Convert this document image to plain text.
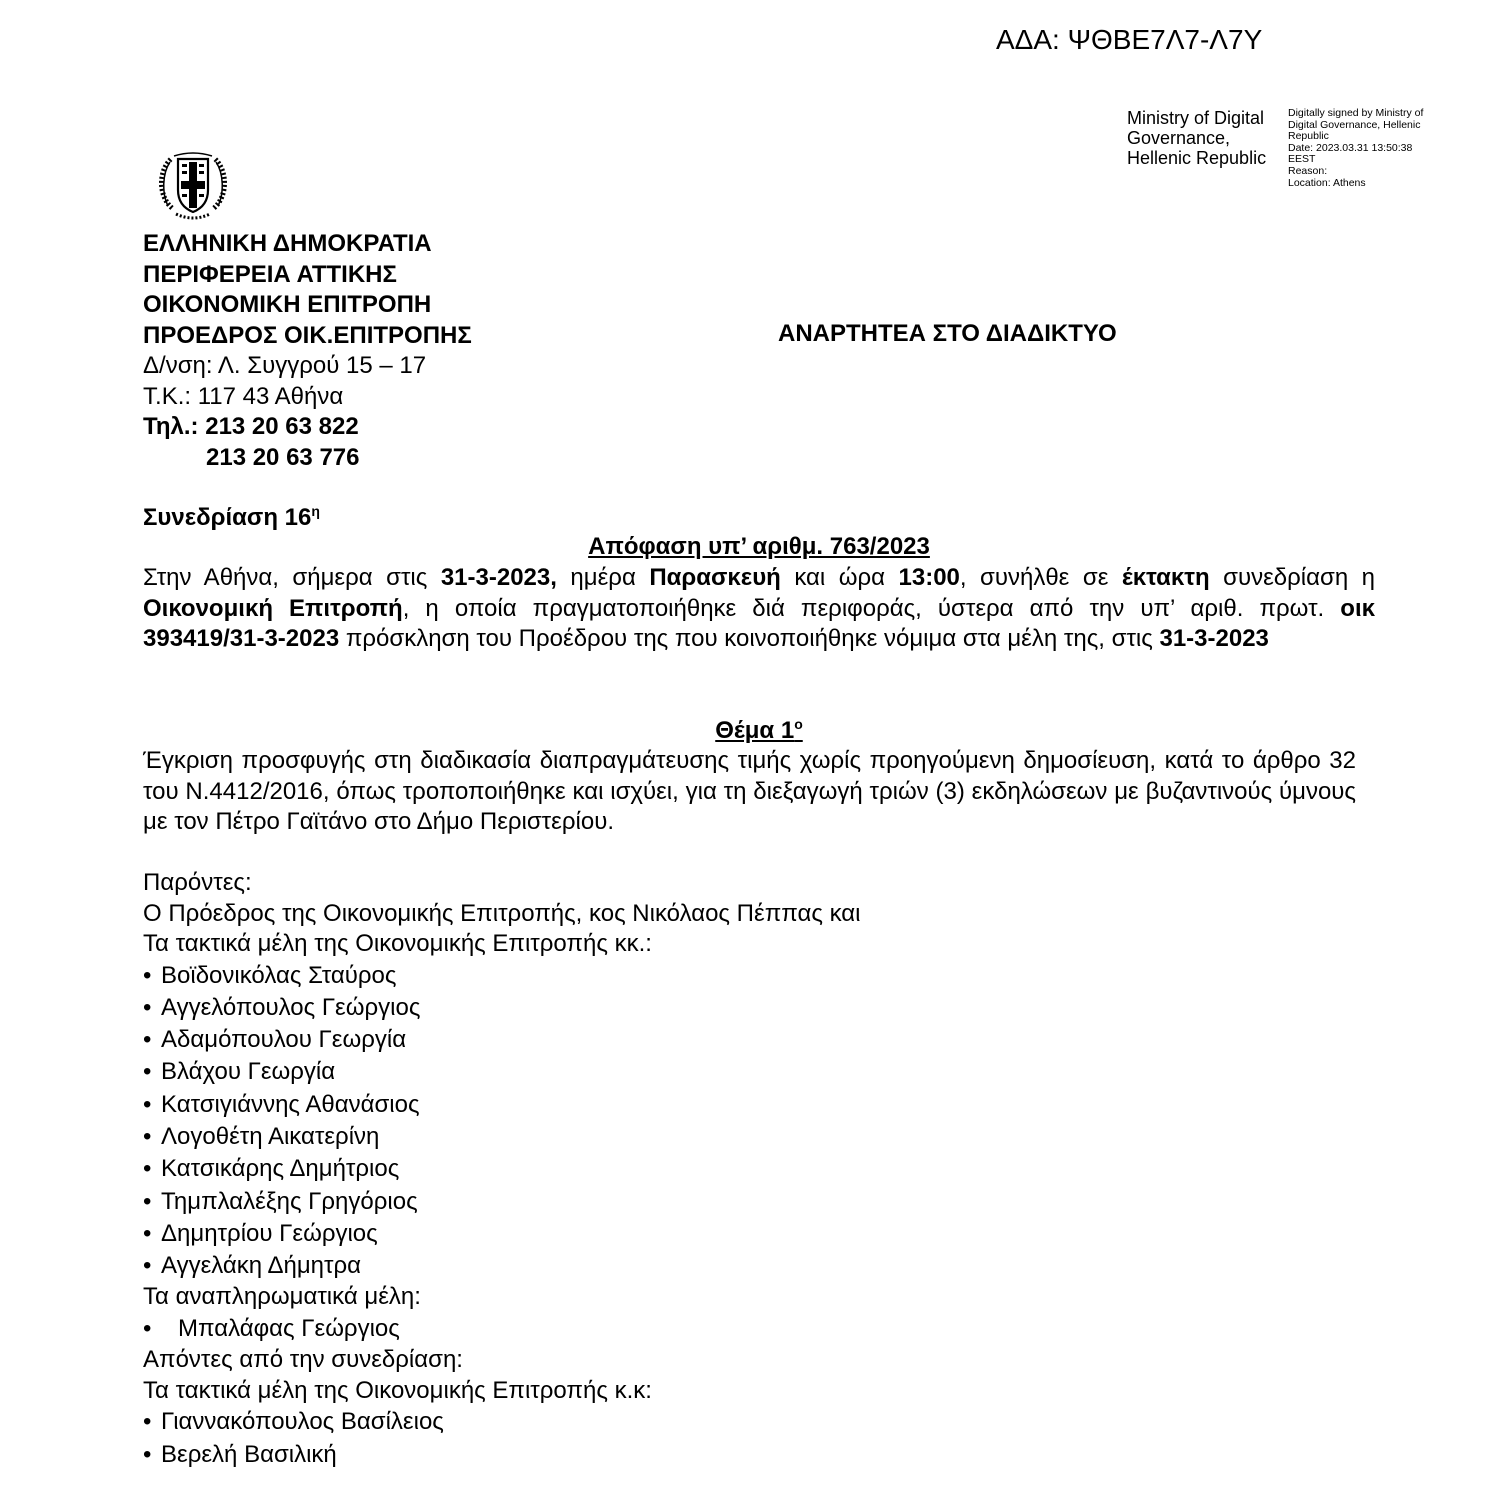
ΑΔΑ: ΨΘΒΕ7Λ7-Λ7Υ
Ministry of Digital
Governance,
Hellenic Republic
Digitally signed by Ministry of
Digital Governance, Hellenic
Republic
Date: 2023.03.31 13:50:38
EEST
Reason:
Location: Athens
ΕΛΛΗΝΙΚΗ ΔΗΜΟΚΡΑΤΙΑ
ΠΕΡΙΦΕΡΕΙΑ ΑΤΤΙΚΗΣ
ΟΙΚΟΝΟΜΙΚΗ ΕΠΙΤΡΟΠΗ
ΠΡΟΕΔΡΟΣ ΟΙΚ.ΕΠΙΤΡΟΠΗΣ
Δ/νση: Λ. Συγγρού 15 – 17
Τ.Κ.: 117 43 Αθήνα
Τηλ.: 213 20 63 822
213 20 63 776
ΑΝΑΡΤΗΤΕΑ ΣΤΟ ΔΙΑΔΙΚΤΥΟ
Συνεδρίαση $16^\eta$
Απόφαση υπ’ αριθμ. 763/2023
Στην Αθήνα, σήμερα στις 31-3-2023, ημέρα Παρασκευή και ώρα 13:00, συνήλθε σε έκτακτη συνεδρίαση η Οικονομική Επιτροπή, η οποία πραγματοποιήθηκε διά περιφοράς, ύστερα από την υπ’ αριθ. πρωτ. οικ 393419/31-3-2023 πρόσκληση του Προέδρου της που κοινοποιήθηκε νόμιμα στα μέλη της, στις 31-3-2023
Θέμα $1^o$
Έγκριση προσφυγής στη διαδικασία διαπραγμάτευσης τιμής χωρίς προηγούμενη δημοσίευση, κατά το άρθρο 32 του Ν.4412/2016, όπως τροποποιήθηκε και ισχύει, για τη διεξαγωγή τριών (3) εκδηλώσεων με βυζαντινούς ύμνους με τον Πέτρο Γαϊτάνο στο Δήμο Περιστερίου.
Παρόντες:
Ο Πρόεδρος της Οικονομικής Επιτροπής, κος Νικόλαος Πέππας και
Τα τακτικά μέλη της Οικονομικής Επιτροπής κκ.:
• Βοϊδονικόλας Σταύρος
• Αγγελόπουλος Γεώργιος
• Αδαμόπουλου Γεωργία
• Βλάχου Γεωργία
• Κατσιγιάννης Αθανάσιος
• Λογοθέτη Αικατερίνη
• Κατσικάρης Δημήτριος
• Τημπλαλέξης Γρηγόριος
• Δημητρίου Γεώργιος
• Αγγελάκη Δήμητρα
Τα αναπληρωματικά μέλη:
• Μπαλάφας Γεώργιος
Απόντες από την συνεδρίαση:
Τα τακτικά μέλη της Οικονομικής Επιτροπής κ.κ:
• Γιαννακόπουλος Βασίλειος
• Βερελή Βασιλική
